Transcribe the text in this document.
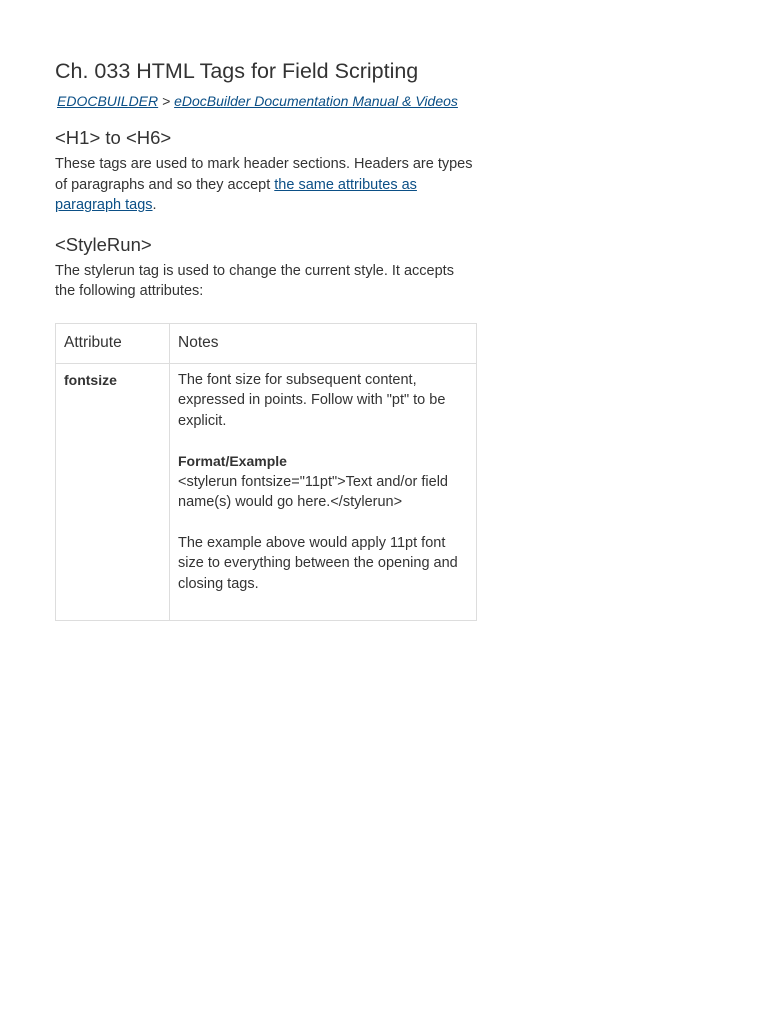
Ch. 033 HTML Tags for Field Scripting
EDOCBUILDER > eDocBuilder Documentation Manual & Videos
<H1> to <H6>

These tags are used to mark header sections. Headers are types of paragraphs and so they accept the same attributes as paragraph tags.

<StyleRun>

The stylerun tag is used to change the current style. It accepts the following attributes:

Attribute	Notes
fontsize	The font size for subsequent content, expressed in points. Follow with "pt" to be explicit.

Format/Example
<stylerun fontsize="11pt">Text and/or field name(s) would go here.</stylerun>

The example above would apply 11pt font size to everything between the opening and closing tags.
